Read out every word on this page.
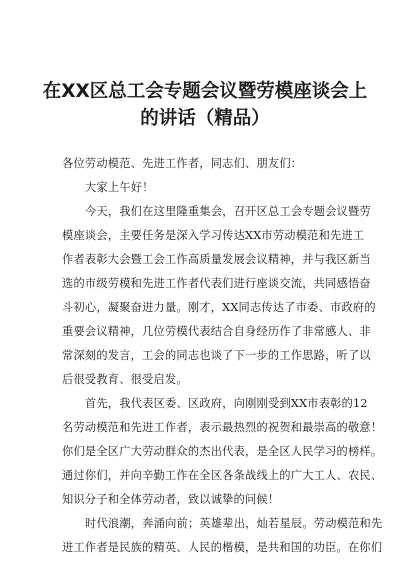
在XX区总工会专题会议暨劳模座谈会上
的讲话（精品）
各位劳动模范、先进工作者，同志们、朋友们：
大家上午好！
今天，我们在这里隆重集会，召开区总工会专题会议暨劳
模座谈会，主要任务是深入学习传达XX市劳动模范和先进工
作者表彰大会暨工会工作高质量发展会议精神，并与我区新当
选的市级劳模和先进工作者代表们进行座谈交流，共同感悟奋
斗初心，凝聚奋进力量。刚才，XX同志传达了市委、市政府的
重要会议精神，几位劳模代表结合自身经历作了非常感人、非
常深刻的发言，工会的同志也谈了下一步的工作思路，听了以
后很受教育、很受启发。
首先，我代表区委、区政府，向刚刚受到XX市表彰的12
名劳动模范和先进工作者，表示最热烈的祝贺和最崇高的敬意！
你们是全区广大劳动群众的杰出代表，是全区人民学习的榜样。
通过你们，并向辛勤工作在全区各条战线上的广大工人、农民、
知识分子和全体劳动者，致以诚挚的问候！
时代浪潮，奔涌向前；英雄辈出，灿若星辰。劳动模范和先
进工作者是民族的精英、人民的楷模，是共和国的功臣。在你们
